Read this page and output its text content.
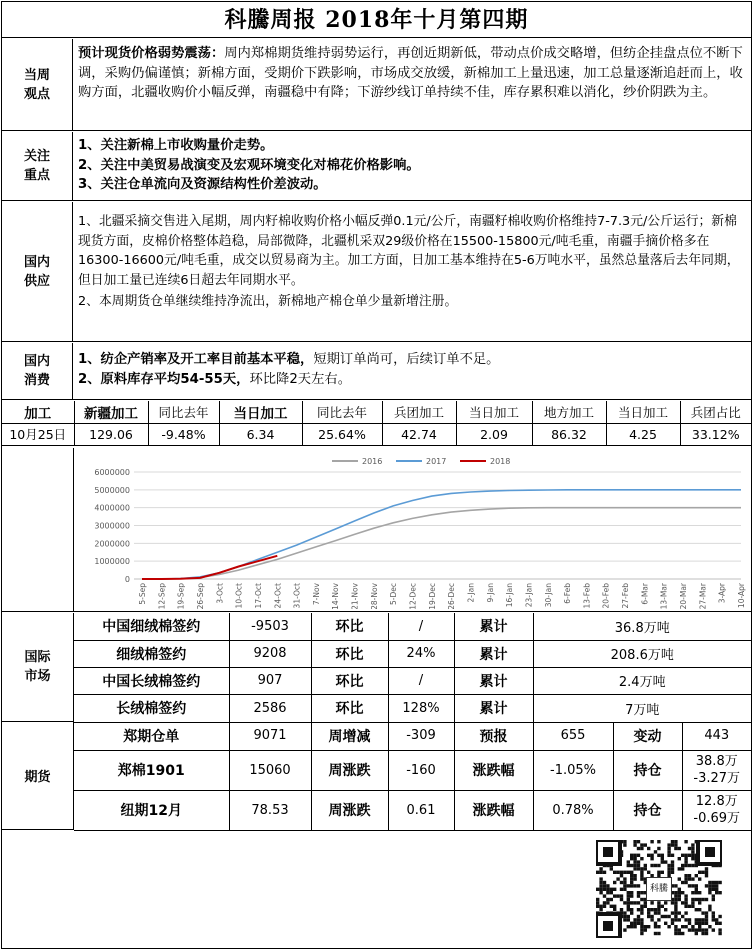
科騰周报 2018年十月第四期
当周
观点

预计现货价格弱势震荡：周内郑棉期货维持弱势运行，再创近期新低，带动点价成交略增，但纺企挂盘点位不断下调，采购仍偏谨慎；新棉方面，受期价下跌影响，市场成交放缓，新棉加工上量迅速，加工总量逐渐追赶而上，收购方面，北疆收购价小幅反弹，南疆稳中有降；下游纱线订单持续不佳，库存累积难以消化，纱价阴跌为主。

关注
重点

1、关注新棉上市收购量价走势。

2、关注中美贸易战演变及宏观环境变化对棉花价格影响。

3、关注仓单流向及资源结构性价差波动。

国内
供应

1、北疆采摘交售进入尾期，周内籽棉收购价格小幅反弹0.1元/公斤，南疆籽棉收购价格维持7-7.3元/公斤运行；新棉现货方面，皮棉价格整体趋稳，局部微降，北疆机采双29级价格在15500-15800元/吨毛重，南疆手摘价格多在16300-16600元/吨毛重，成交以贸易商为主。加工方面，日加工基本维持在5-6万吨水平，虽然总量落后去年同期，但日加工量已连续6日超去年同期水平。

2、本周期货仓单继续维持净流出，新棉地产棉仓单少量新增注册。

国内
消费

1、纺企产销率及开工率目前基本平稳，短期订单尚可，后续订单不足。

2、原料库存平均54-55天，环比降2天左右。

加工	新疆加工	同比去年	当日加工	同比去年	兵团加工	当日加工	地方加工	当日加工	兵团占比
10月25日	129.06	-9.48%	6.34	25.64%	42.74	2.09	86.32	4.25	33.12%
0
1000000
2000000
3000000
4000000
5000000
6000000
5-Sep 12-Sep 19-Sep 26-Sep 3-Oct 10-Oct 17-Oct 24-Oct 31-Oct 7-Nov 14-Nov 21-Nov 28-Nov 5-Dec 12-Dec 19-Dec 26-Dec 2-Jan 9-Jan 16-Jan 23-Jan 30-Jan 6-Feb 13-Feb 20-Feb 27-Feb 6-Mar 13-Mar 20-Mar 27-Mar 3-Apr 10-Apr
2016	2017	2018
国际
市场
中国细绒棉签约	-9503	环比	/	累计	36.8万吨
细绒棉签约	9208	环比	24%	累计	208.6万吨
中国长绒棉签约	907	环比	/	累计	2.4万吨
长绒棉签约	2586	环比	128%	累计	7万吨
期货
郑期仓单	9071	周增减	-309	预报	655	变动	443
郑棉1901	15060	周涨跌	-160	涨跌幅	-1.05%	持仓	38.8万
-3.27万

纽期12月	78.53	周涨跌	0.61	涨跌幅	0.78%	持仓	12.8万
-0.69万
科騰
